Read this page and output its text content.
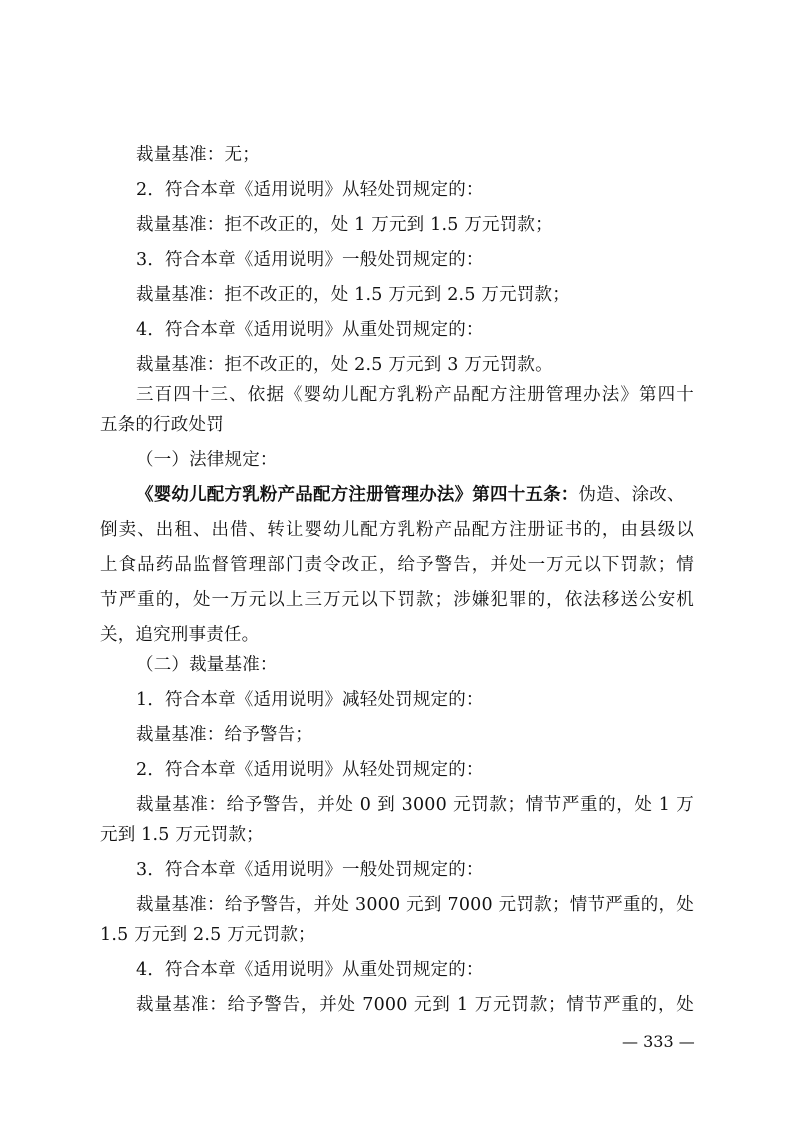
裁量基准：无；
2．符合本章《适用说明》从轻处罚规定的：
裁量基准：拒不改正的，处 1 万元到 1.5 万元罚款；
3．符合本章《适用说明》一般处罚规定的：
裁量基准：拒不改正的，处 1.5 万元到 2.5 万元罚款；
4．符合本章《适用说明》从重处罚规定的：
裁量基准：拒不改正的，处 2.5 万元到 3 万元罚款。
三百四十三、依据《婴幼儿配方乳粉产品配方注册管理办法》第四十
五条的行政处罚
（一）法律规定：
《婴幼儿配方乳粉产品配方注册管理办法》第四十五条：伪造、涂改、
倒卖、出租、出借、转让婴幼儿配方乳粉产品配方注册证书的，由县级以
上食品药品监督管理部门责令改正，给予警告，并处一万元以下罚款；情
节严重的，处一万元以上三万元以下罚款；涉嫌犯罪的，依法移送公安机
关，追究刑事责任。
（二）裁量基准：
1．符合本章《适用说明》减轻处罚规定的：
裁量基准：给予警告；
2．符合本章《适用说明》从轻处罚规定的：
裁量基准：给予警告，并处 0 到 3000 元罚款；情节严重的，处 1 万
元到 1.5 万元罚款；
3．符合本章《适用说明》一般处罚规定的：
裁量基准：给予警告，并处 3000 元到 7000 元罚款；情节严重的，处
1.5 万元到 2.5 万元罚款；
4．符合本章《适用说明》从重处罚规定的：
裁量基准：给予警告，并处 7000 元到 1 万元罚款；情节严重的，处
— 333 —
